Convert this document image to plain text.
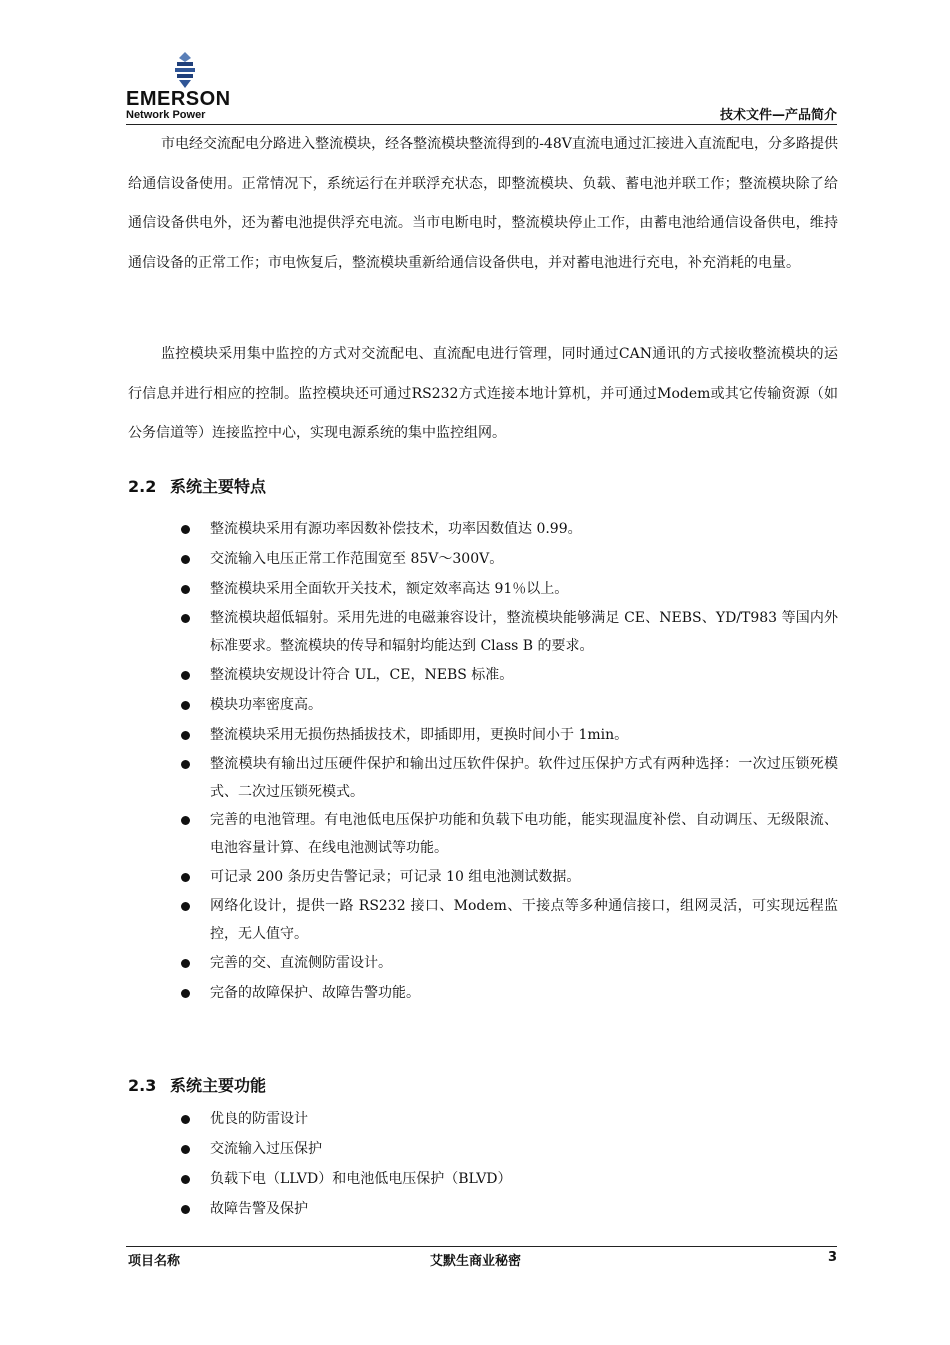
EMERSON
Network Power	技术文件—产品简介

市电经交流配电分路进入整流模块，经各整流模块整流得到的-48V直流电通过汇接进入直流配电，分多路提供给通信设备使用。正常情况下，系统运行在并联浮充状态，即整流模块、负载、蓄电池并联工作；整流模块除了给通信设备供电外，还为蓄电池提供浮充电流。当市电断电时，整流模块停止工作，由蓄电池给通信设备供电，维持通信设备的正常工作；市电恢复后，整流模块重新给通信设备供电，并对蓄电池进行充电，补充消耗的电量。

监控模块采用集中监控的方式对交流配电、直流配电进行管理，同时通过CAN通讯的方式接收整流模块的运行信息并进行相应的控制。监控模块还可通过RS232方式连接本地计算机，并可通过Modem或其它传输资源（如公务信道等）连接监控中心，实现电源系统的集中监控组网。

2.2 系统主要特点
整流模块采用有源功率因数补偿技术，功率因数值达 0.99。
交流输入电压正常工作范围宽至 85V～300V。
整流模块采用全面软开关技术，额定效率高达 91％以上。
整流模块超低辐射。采用先进的电磁兼容设计，整流模块能够满足 CE、NEBS、YD/T983 等国内外标准要求。整流模块的传导和辐射均能达到 Class B 的要求。
整流模块安规设计符合 UL，CE，NEBS 标准。
模块功率密度高。
整流模块采用无损伤热插拔技术，即插即用，更换时间小于 1min。
整流模块有输出过压硬件保护和输出过压软件保护。软件过压保护方式有两种选择：一次过压锁死模式、二次过压锁死模式。
完善的电池管理。有电池低电压保护功能和负载下电功能，能实现温度补偿、自动调压、无级限流、电池容量计算、在线电池测试等功能。
可记录 200 条历史告警记录；可记录 10 组电池测试数据。
网络化设计，提供一路 RS232 接口、Modem、干接点等多种通信接口，组网灵活，可实现远程监控，无人值守。
完善的交、直流侧防雷设计。
完备的故障保护、故障告警功能。
2.3 系统主要功能
优良的防雷设计
交流输入过压保护
负载下电（LLVD）和电池低电压保护（BLVD）
故障告警及保护
项目名称	艾默生商业秘密	3
